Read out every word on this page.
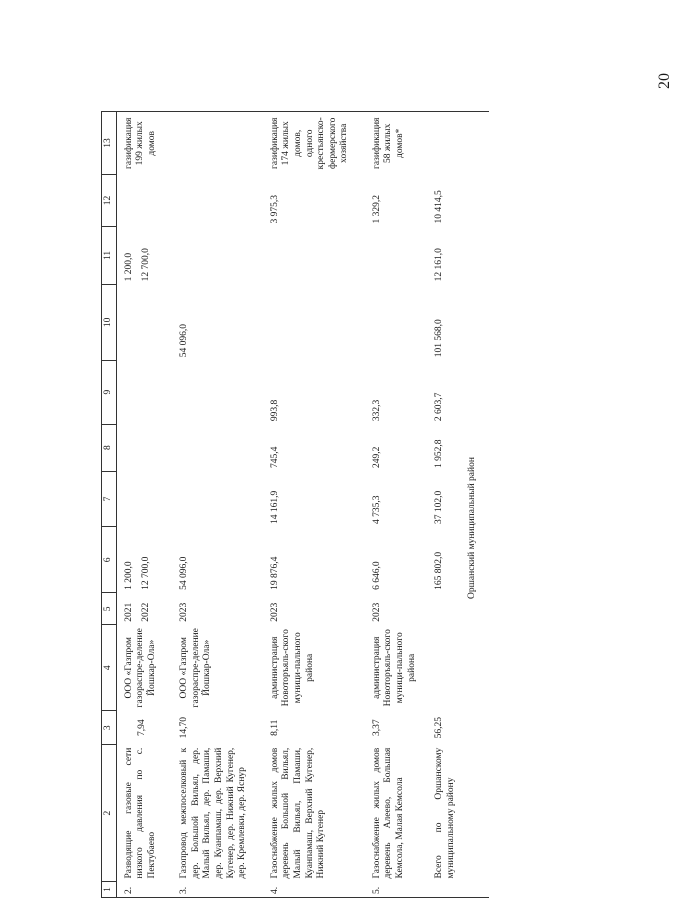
20
1	2	3	4	5	6	7	8	9	10	11	12	13
2.	Разводящие газовые сети низкого давления по с. Пектубаево	7,94	ООО «Газпром газораспре-деление Йошкар-Ола»	2021 2022	1 200,0 12 700,0					1 200,0 12 700,0		газификация 199 жилых домов
3.	Газопровод межпоселковый к дер. Большой Вильял, дер. Малый Вильял, дер. Памаши, дер. Куанпамаш, дер. Верхний Кугенер, дер. Нижний Кугенер, дер. Кремлевки, дер. Яснур	14,70	ООО «Газпром газораспре-деление Йошкар-Ола»	2023	54 096,0				54 096,0			
4.	Газоснабжение жилых домов деревень Большой Вильял, Малый Вильял, Памаши, Куанпамаш, Верхний Кугенер, Нижний Кугенер	8,11	администрация Новоторъяль-ского муници-пального района	2023	19 876,4	14 161,9	745,4	993,8			3 975,3	газификация 174 жилых домов, одного крестьянско-фермерского хозяйства
5.	Газоснабжение жилых домов деревень Алеево, Большая Кемсола, Малая Кемсола	3,37	администрация Новоторъяль-ского муници-пального района	2023	6 646,0	4 735,3	249,2	332,3			1 329,2	газификация 58 жилых домов*
	Всего по Оршанскому муниципальному району	56,25			165 802,0	37 102,0	1 952,8	2 603,7	101 568,0	12 161,0	10 414,5	
	Оршанский муниципальный район											
